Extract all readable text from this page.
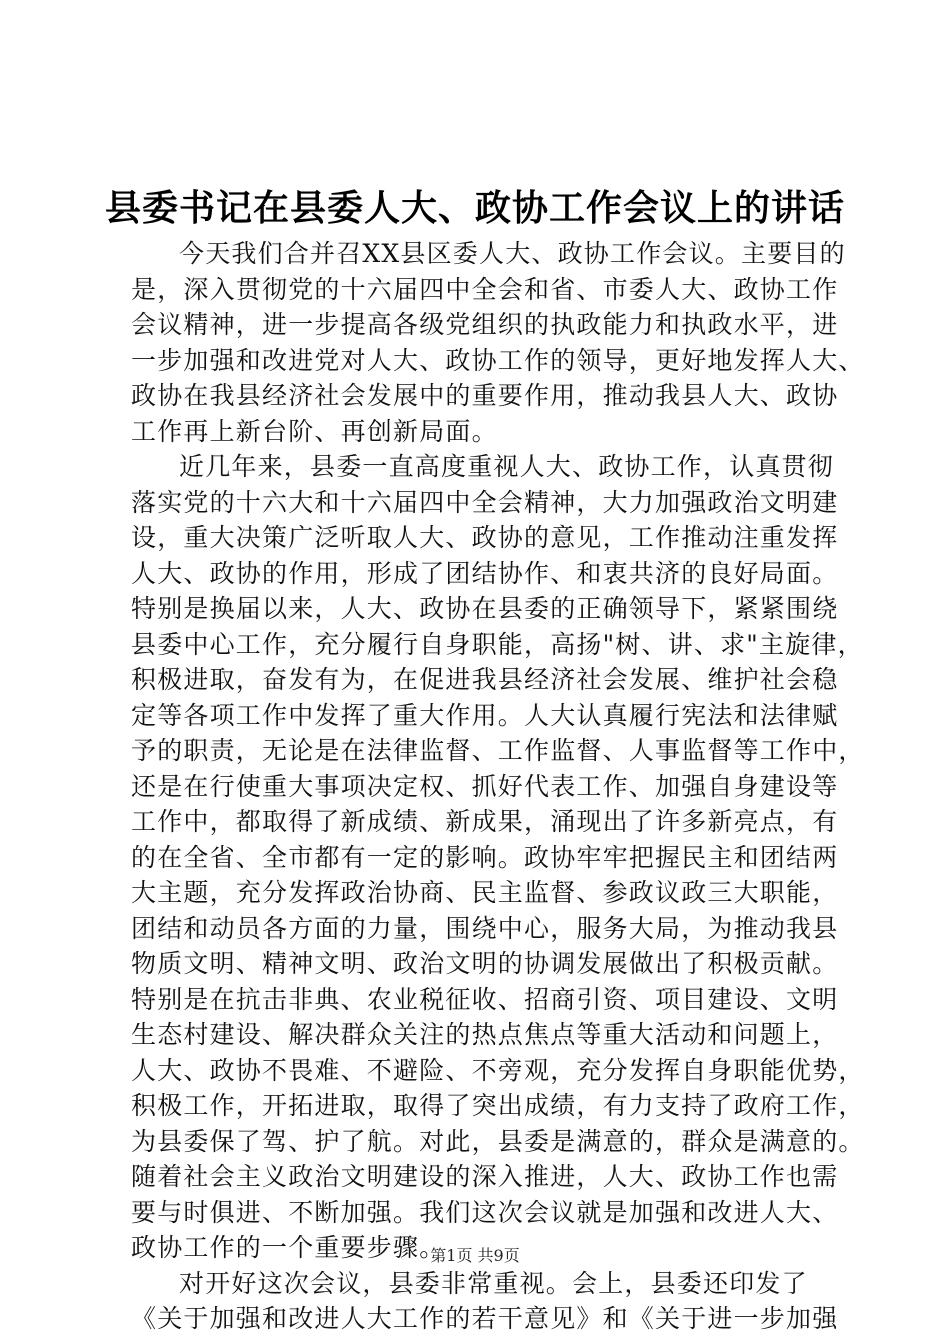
县委书记在县委人大、政协工作会议上的讲话
今天我们合并召XX县区委人大、政协工作会议。主要目的
是，深入贯彻党的十六届四中全会和省、市委人大、政协工作
会议精神，进一步提高各级党组织的执政能力和执政水平，进
一步加强和改进党对人大、政协工作的领导，更好地发挥人大、
政协在我县经济社会发展中的重要作用，推动我县人大、政协
工作再上新台阶、再创新局面。
近几年来，县委一直高度重视人大、政协工作，认真贯彻
落实党的十六大和十六届四中全会精神，大力加强政治文明建
设，重大决策广泛听取人大、政协的意见，工作推动注重发挥
人大、政协的作用，形成了团结协作、和衷共济的良好局面。
特别是换届以来，人大、政协在县委的正确领导下，紧紧围绕
县委中心工作，充分履行自身职能，高扬"树、讲、求"主旋律，
积极进取，奋发有为，在促进我县经济社会发展、维护社会稳
定等各项工作中发挥了重大作用。人大认真履行宪法和法律赋
予的职责，无论是在法律监督、工作监督、人事监督等工作中，
还是在行使重大事项决定权、抓好代表工作、加强自身建设等
工作中，都取得了新成绩、新成果，涌现出了许多新亮点，有
的在全省、全市都有一定的影响。政协牢牢把握民主和团结两
大主题，充分发挥政治协商、民主监督、参政议政三大职能，
团结和动员各方面的力量，围绕中心，服务大局，为推动我县
物质文明、精神文明、政治文明的协调发展做出了积极贡献。
特别是在抗击非典、农业税征收、招商引资、项目建设、文明
生态村建设、解决群众关注的热点焦点等重大活动和问题上，
人大、政协不畏难、不避险、不旁观，充分发挥自身职能优势，
积极工作，开拓进取，取得了突出成绩，有力支持了政府工作，
为县委保了驾、护了航。对此，县委是满意的，群众是满意的。
随着社会主义政治文明建设的深入推进，人大、政协工作也需
要与时俱进、不断加强。我们这次会议就是加强和改进人大、
政协工作的一个重要步骤。
对开好这次会议，县委非常重视。会上，县委还印发了
《关于加强和改进人大工作的若干意见》和《关于进一步加强
第1页 共9页
